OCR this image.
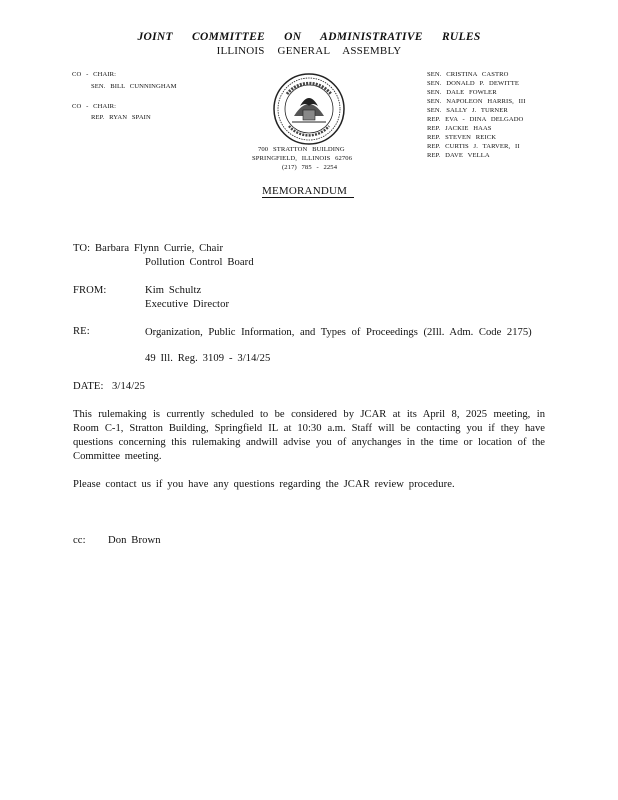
JOINT COMMITTEE ON ADMINISTRATIVE RULES
ILLINOIS GENERAL ASSEMBLY
CO - CHAIR:
SEN. BILL CUNNINGHAM
CO - CHAIR:
REP. RYAN SPAIN
SEN. CRISTINA CASTRO
SEN. DONALD P. DEWITTE
SEN. DALE FOWLER
SEN. NAPOLEON HARRIS, III
SEN. SALLY J. TURNER
REP. EVA - DINA DELGADO
REP. JACKIE HAAS
REP. STEVEN REICK
REP. CURTIS J. TARVER, II
REP. DAVE VELLA
700 STRATTON BUILDING
SPRINGFIELD, ILLINOIS 62706
(217) 785 - 2254
MEMORANDUM
TO: Barbara Flynn Currie, Chair
Pollution Control Board
FROM:	Kim Schultz
Executive Director
RE:	Organization, Public Information, and Types of Proceedings (2Ill. Adm. Code 2175)
49 Ill. Reg. 3109 - 3/14/25
DATE: 3/14/25
This rulemaking is currently scheduled to be considered by JCAR at its April 8, 2025 meeting, in Room C-1, Stratton Building, Springfield IL at 10:30 a.m. Staff will be contacting you if they have questions concerning this rulemaking andwill advise you of anychanges in the time or location of the Committee meeting.
Please contact us if you have any questions regarding the JCAR review procedure.
cc: Don Brown
